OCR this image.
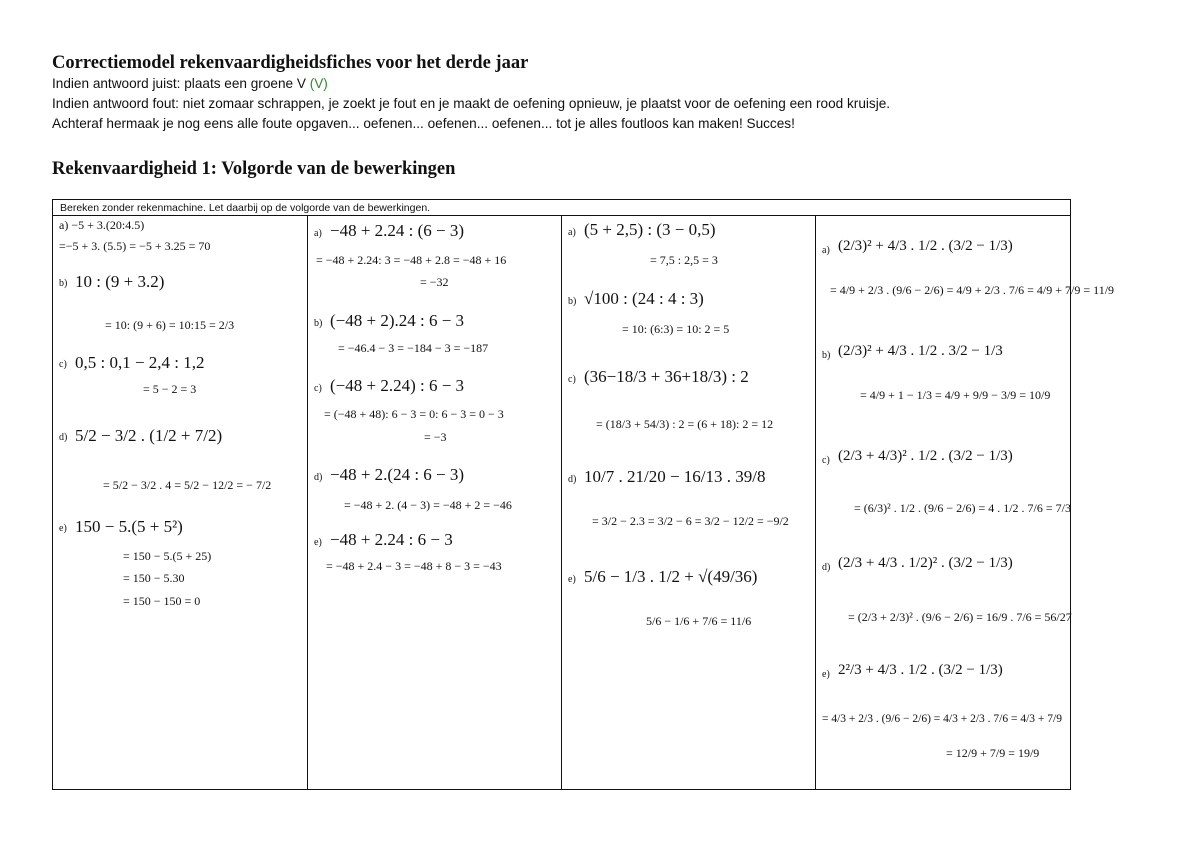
Correctiemodel rekenvaardigheidsfiches voor het derde jaar
Indien antwoord juist: plaats een groene V (V)
Indien antwoord fout: niet zomaar schrappen, je zoekt je fout en je maakt de oefening opnieuw, je plaatst voor de oefening een rood kruisje.
Achteraf hermaak je nog eens alle foute opgaven... oefenen... oefenen... oefenen... tot je alles foutloos kan maken! Succes!
Rekenvaardigheid 1: Volgorde van de bewerkingen
Bereken zonder rekenmachine. Let daarbij op de volgorde van de bewerkingen.
a) −5 + 3.(20:4.5)
=−5 + 3. (5.5) = −5 + 3.25 = 70
b) 10 : (9 + 3.2)
= 10: (9 + 6) = 10:15 = 2/3
c) 0,5 : 0,1 − 2,4 : 1,2
= 5 − 2 = 3
d) 5/2 − 3/2 . (1/2 + 7/2)
= 5/2 − 3/2 . 4 = 5/2 − 12/2 = − 7/2
e) 150 − 5.(5 + 5²)
= 150 − 5.(5 + 25)
= 150 − 5.30
= 150 − 150 = 0
a) −48 + 2.24 : (6 − 3)
= −48 + 2.24: 3 = −48 + 2.8 = −48 + 16
= −32
b) (−48 + 2).24 : 6 − 3
= −46.4 − 3 = −184 − 3 = −187
c) (−48 + 2.24) : 6 − 3
= (−48 + 48): 6 − 3 = 0: 6 − 3 = 0 − 3
= −3
d) −48 + 2.(24 : 6 − 3)
= −48 + 2. (4 − 3) = −48 + 2 = −46
e) −48 + 2.24 : 6 − 3
= −48 + 2.4 − 3 = −48 + 8 − 3 = −43
a) (5 + 2,5) : (3 − 0,5)
= 7,5 : 2,5 = 3
b) √100 : (24 : 4 : 3)
= 10: (6:3) = 10: 2 = 5
c) (36−18/3 + 36+18/3) : 2
= (18/3 + 54/3) : 2 = (6 + 18): 2 = 12
d) 10/7 . 21/20 − 16/13 . 39/8
= 3/2 − 2.3 = 3/2 − 6 = 3/2 − 12/2 = −9/2
e) 5/6 − 1/3 . 1/2 + √(49/36)
5/6 − 1/6 + 7/6 = 11/6
a) (2/3)² + 4/3 . 1/2 . (3/2 − 1/3)
= 4/9 + 2/3 . (9/6 − 2/6) = 4/9 + 2/3 . 7/6 = 4/9 + 7/9 = 11/9
b) (2/3)² + 4/3 . 1/2 . 3/2 − 1/3
= 4/9 + 1 − 1/3 = 4/9 + 9/9 − 3/9 = 10/9
c) (2/3 + 4/3)² . 1/2 . (3/2 − 1/3)
= (6/3)² . 1/2 . (9/6 − 2/6) = 4 . 1/2 . 7/6 = 7/3
d) (2/3 + 4/3 . 1/2)² . (3/2 − 1/3)
= (2/3 + 2/3)² . (9/6 − 2/6) = 16/9 . 7/6 = 56/27
e) 2²/3 + 4/3 . 1/2 . (3/2 − 1/3)
= 4/3 + 2/3 . (9/6 − 2/6) = 4/3 + 2/3 . 7/6 = 4/3 + 7/9
= 12/9 + 7/9 = 19/9
